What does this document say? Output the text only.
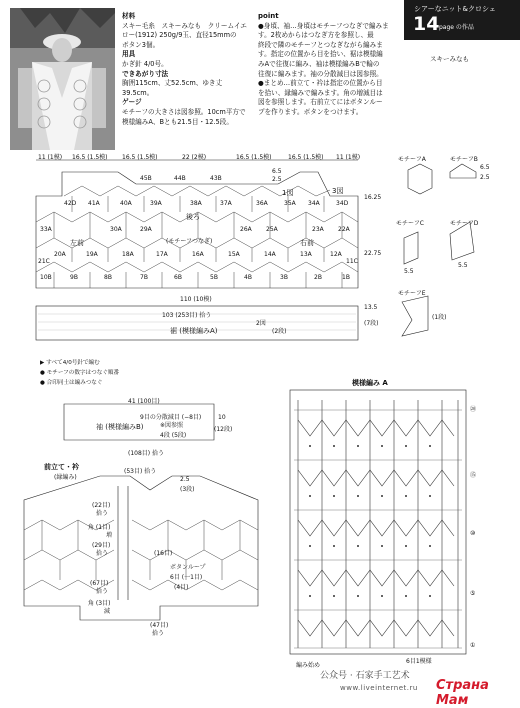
材料
スキー毛糸　スキーみなも　クリームイエ
ロー(1912) 250g/9玉、直径15mmの
ボタン3個。
用具
かぎ針 4/0号。
できあがり寸法
胸囲115cm、丈52.5cm、ゆき丈39.5cm。
ゲージ
モチーフの大きさは図参照。10cm平方で
模様編みA、Bとも21.5目・12.5段。
point
●身頃、袖…身頃はモチーフつなぎで編みま
す。2枚めからはつなぎ方を参照し、最
終段で隣のモチーフとつなぎながら編みま
す。指定の位置から目を拾い、裾は模様編
みAで往復に編み、袖は模様編みBで輪の
往復に編みます。袖の分散減目は図参照。
●まとめ…前立て・衿は指定の位置から目
を拾い、縁編みで編みます。角の増減目は
図を参照します。右前立てにはボタンルー
プを作ります。ボタンをつけます。
シアーなニット&クロシェ
14 page の作品
スキーみなも
11 (1模) 16.5 (1.5模) 16.5 (1.5模)	22 (2模)	16.5 (1.5模)	16.5 (1.5模) 11 (1模)
6.5
2.5
16.25
22.75
45B	44B	43B
42D 41A	40A	39A	38A	37A	36A	35A 34A	34D
33A	30A	29A	26A 25A	23A 22A
20A	19A	18A	17A	16A	15A	14A	13A	12A
10B	9B	8B	7B	6B	5B	4B	3B	2B	1B
21C	11C
左前
後ろ
(モチーフつなぎ)	右前
1図	3図
110 (10模)
103 (253目) 拾う
裾 (模様編みA)
2図
(2段)
モチーフA	モチーフB
6.5
2.5
モチーフC
5.5
モチーフD
5.5
モチーフE
13.5
(7段)
(1段)
▶ すべて4/0号針で編む
● モチーフの数字はつなぐ順番
● 合印同士は編みつなぐ
41 (100目)
9目の分散減目 (−8目)
※図参照
4段 (5段)
袖 (模様編みB)
(108目) 拾う
10
(12段)
前立て・衿
(縁編み)
(53目) 拾う
2.5
(3段)
(22目)
拾う
角 (1目)
増
(29目)
拾う	(16目)
ボタンループ
6目 (一1目)
(4目)
(67目)
拾う
(47目)
拾う
角 (3目)
減
模様編み A
⑳
⑮
⑩
⑤
①
6目1模様
編み始め
公众号 · 石家手工艺术
www.liveinternet.ru Страна Мам
